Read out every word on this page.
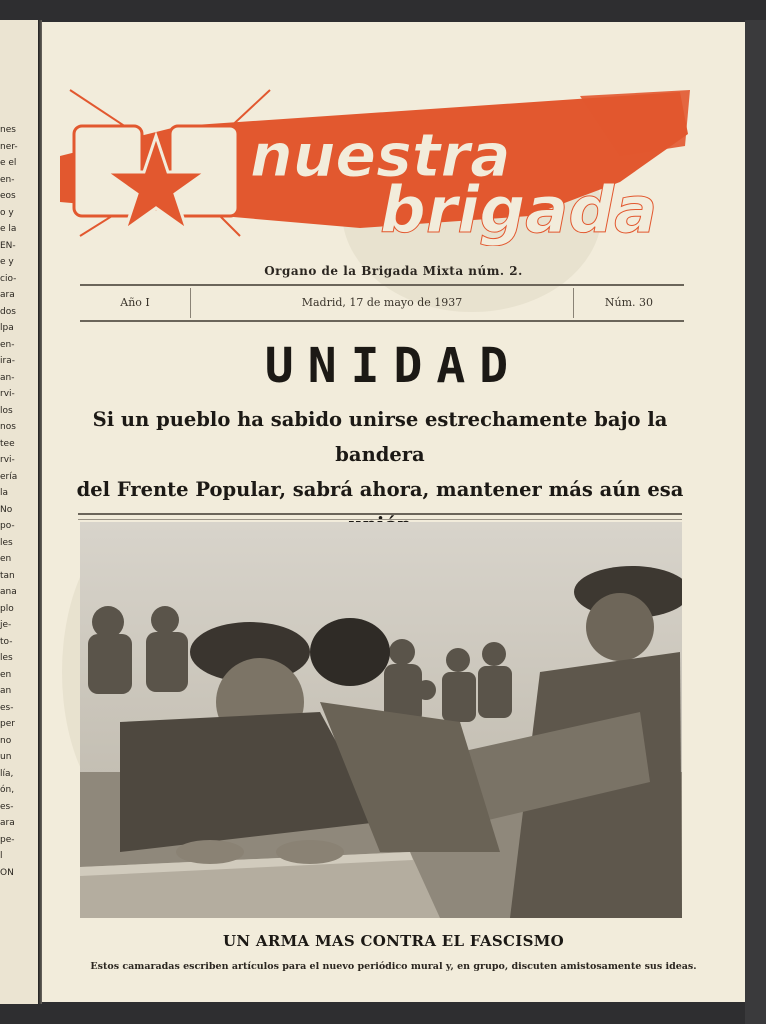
nes
ner-
e el
en-
eos
o y
e la
EN-
e y
cio-
ara
dos
lpa
en-
ira-
an-
rvi-
los
nos
tee
rvi-
ería
la
No
po-
les
en
tan
ana
plo
je-
to-
les
en
an
es-
per
no
un
lía,
ón,
es-
ara
pe-
l
ON
nuestra
brigada
Organo de la Brigada Mixta núm. 2.
Año I	Madrid, 17 de mayo de 1937	Núm. 30
UNIDAD
Si un pueblo ha sabido unirse estrechamente bajo la bandera
del Frente Popular, sabrá ahora, mantener más aún esa
UN ARMA MAS CONTRA EL FASCISMO
Estos camaradas escriben artículos para el nuevo periódico mural y, en grupo, discuten amistosamente sus ideas.
